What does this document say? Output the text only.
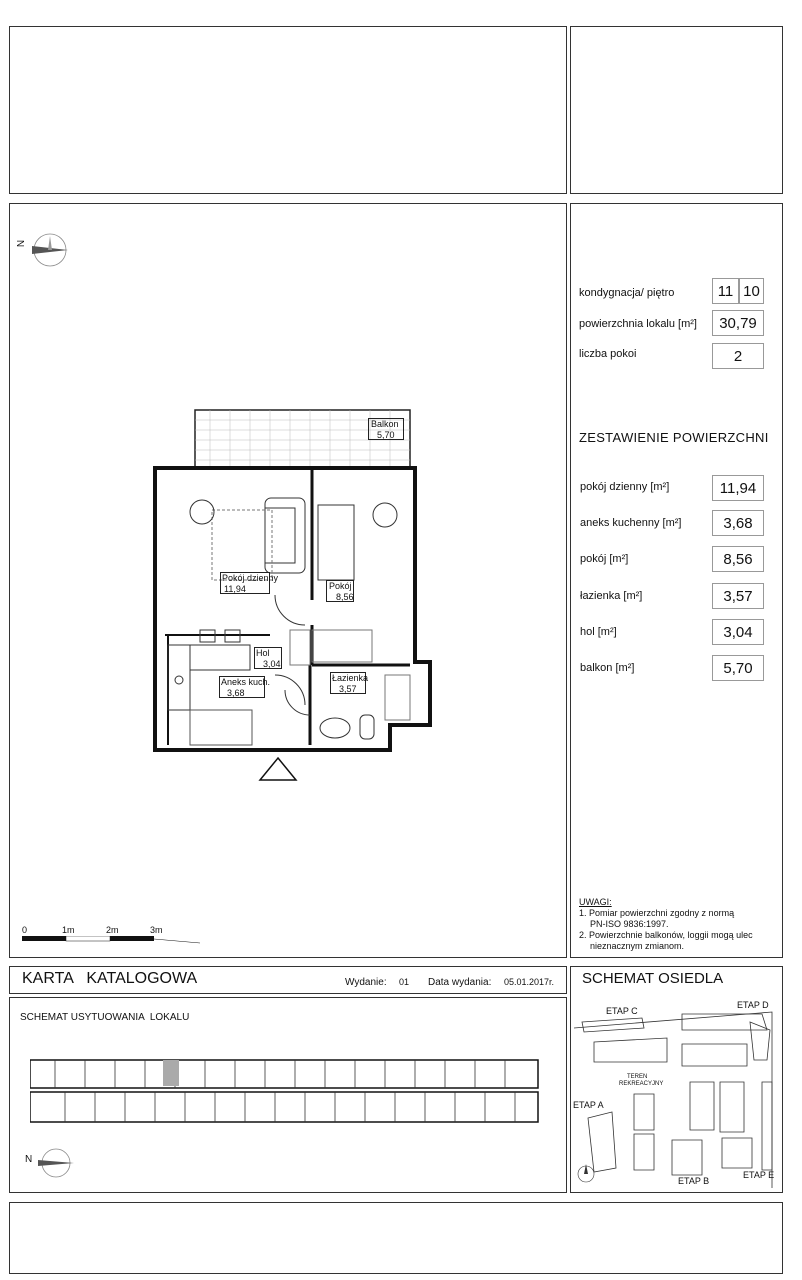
kondygnacja/ piętro	11 10
powierzchnia lokalu [m²]	30,79
liczba pokoi	2
ZESTAWIENIE POWIERZCHNI
pokój dzienny [m²]	11,94
aneks kuchenny [m²]	3,68
pokój [m²]	8,56
łazienka [m²]	3,57
hol [m²]	3,04
balkon [m²]	5,70
UWAGI:
1. Pomiar powierzchni zgodny z normą
PN-ISO 9836:1997.
2. Powierzchnie balkonów, loggii mogą ulec
nieznacznym zmianom.
N
Balkon
5,70
Pokój dzienny
11,94	Pokój
8,56
Hol
3,04
Aneks kuch.
3,68
Łazienka
3,57
0	1m	2m	3m
KARTA   KATALOGOWA	Wydanie: 01 Data wydania: 05.01.2017r.
SCHEMAT USYTUOWANIA  LOKALU
N
SCHEMAT OSIEDLA
ETAP C
ETAP D
TEREN
REKREACYJNY
ETAP A
ETAP B
ETAP E
